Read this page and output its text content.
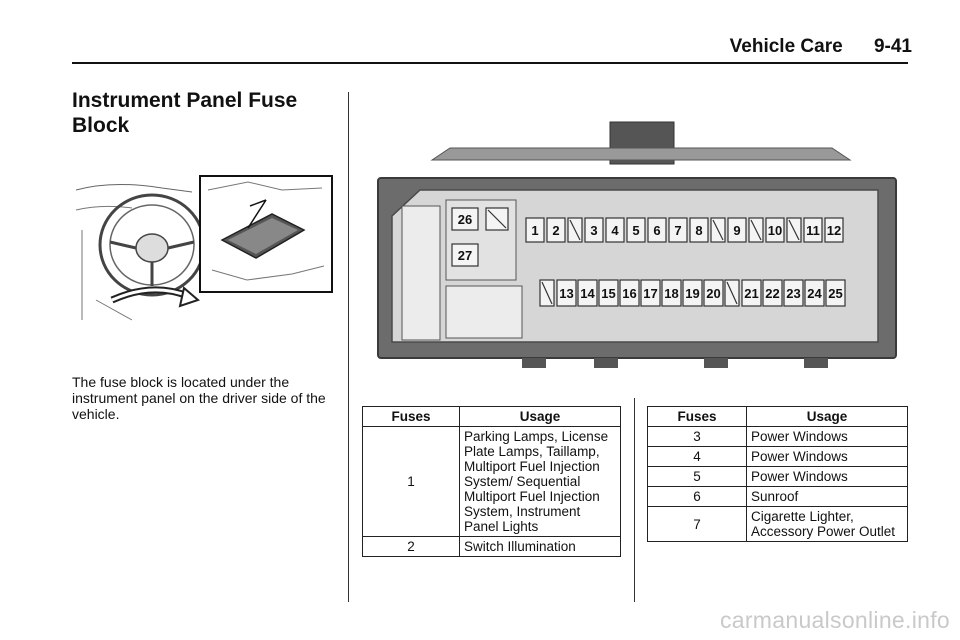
Vehicle Care 9-41
Instrument Panel Fuse Block
The fuse block is located under the instrument panel on the driver side of the vehicle.
26
27
1 2 3 4 5 6 7 8 9 10 11 12
13 14 15 16 17 18 19 20 21 22 23 24 25
Fuses	Usage
1	Parking Lamps, License Plate Lamps, Taillamp, Multiport Fuel Injection System/ Sequential Multiport Fuel Injection System, Instrument Panel Lights
2	Switch Illumination
Fuses	Usage
3	Power Windows
4	Power Windows
5	Power Windows
6	Sunroof
7	Cigarette Lighter, Accessory Power Outlet
carmanualsonline.info
